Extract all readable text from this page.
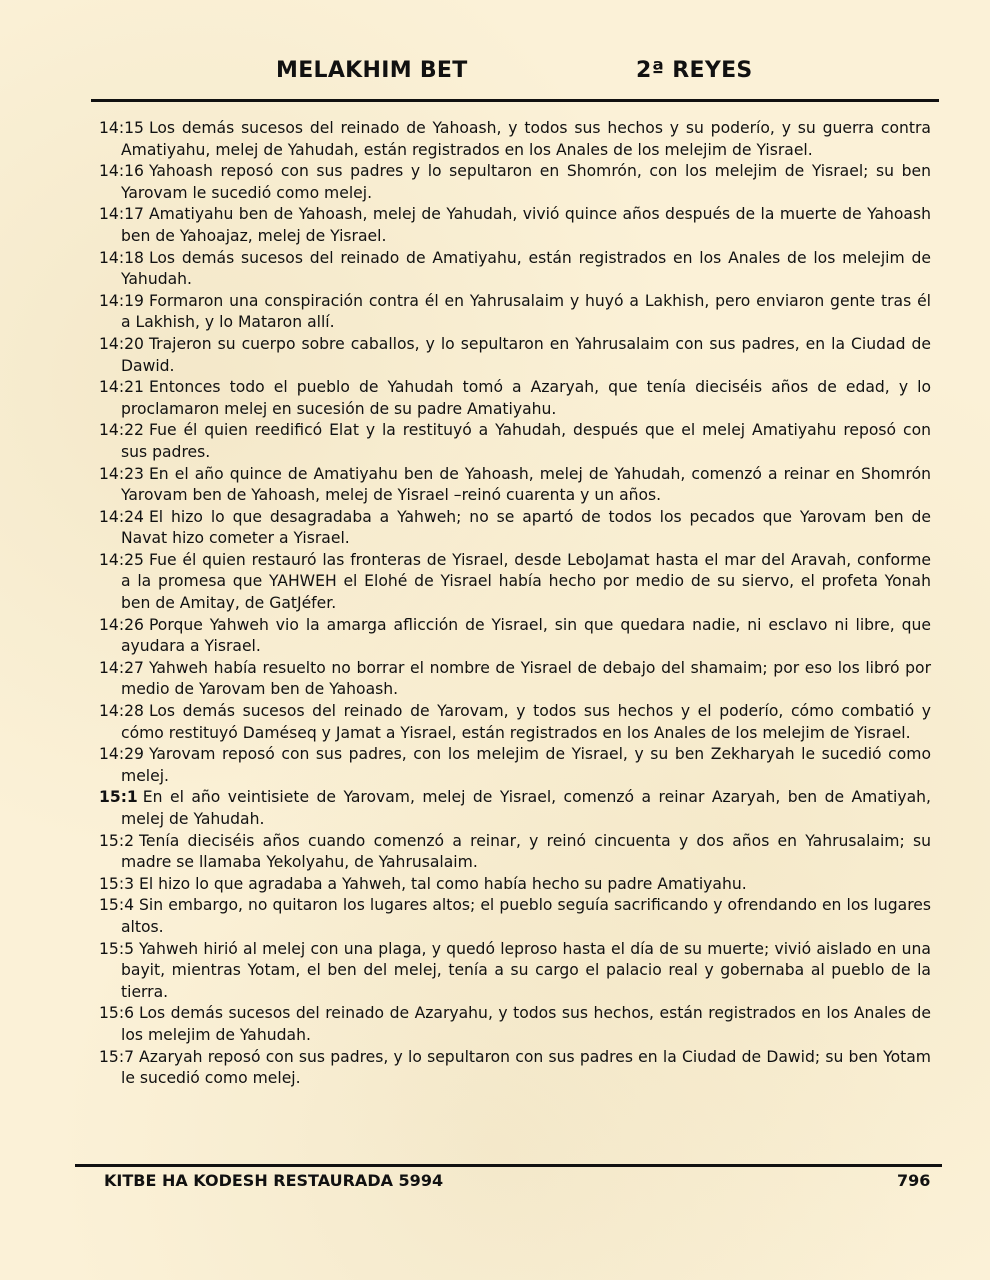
MELAKHIM BET	2ª REYES

14:15 Los demás sucesos del reinado de Yahoash, y todos sus hechos y su poderío, y su guerra contra Amatiyahu, melej de Yahudah, están registrados en los Anales de los melejim de Yisrael.

14:16 Yahoash reposó con sus padres y lo sepultaron en Shomrón, con los melejim de Yisrael; su ben Yarovam le sucedió como melej.

14:17 Amatiyahu ben de Yahoash, melej de Yahudah, vivió quince años después de la muerte de Yahoash ben de Yahoajaz, melej de Yisrael.

14:18 Los demás sucesos del reinado de Amatiyahu, están registrados en los Anales de los melejim de Yahudah.

14:19 Formaron una conspiración contra él en Yahrusalaim y huyó a Lakhish, pero enviaron gente tras él a Lakhish, y lo Mataron allí.

14:20 Trajeron su cuerpo sobre caballos, y lo sepultaron en Yahrusalaim con sus padres, en la Ciudad de Dawid.

14:21 Entonces todo el pueblo de Yahudah tomó a Azaryah, que tenía dieciséis años de edad, y lo proclamaron melej en sucesión de su padre Amatiyahu.

14:22 Fue él quien reedificó Elat y la restituyó a Yahudah, después que el melej Amatiyahu reposó con sus padres.

14:23 En el año quince de Amatiyahu ben de Yahoash, melej de Yahudah, comenzó a reinar en Shomrón Yarovam ben de Yahoash, melej de Yisrael –reinó cuarenta y un años.

14:24 El hizo lo que desagradaba a Yahweh; no se apartó de todos los pecados que Yarovam ben de Navat hizo cometer a Yisrael.

14:25 Fue él quien restauró las fronteras de Yisrael, desde LeboJamat hasta el mar del Aravah, conforme a la promesa que YAHWEH el Elohé de Yisrael había hecho por medio de su siervo, el profeta Yonah ben de Amitay, de GatJéfer.

14:26 Porque Yahweh vio la amarga aflicción de Yisrael, sin que quedara nadie, ni esclavo ni libre, que ayudara a Yisrael.

14:27 Yahweh había resuelto no borrar el nombre de Yisrael de debajo del shamaim; por eso los libró por medio de Yarovam ben de Yahoash.

14:28 Los demás sucesos del reinado de Yarovam, y todos sus hechos y el poderío, cómo combatió y cómo restituyó Daméseq y Jamat a Yisrael, están registrados en los Anales de los melejim de Yisrael.

14:29 Yarovam reposó con sus padres, con los melejim de Yisrael, y su ben Zekharyah le sucedió como melej.

15:1 En el año veintisiete de Yarovam, melej de Yisrael, comenzó a reinar Azaryah, ben de Amatiyah, melej de Yahudah.

15:2 Tenía dieciséis años cuando comenzó a reinar, y reinó cincuenta y dos años en Yahrusalaim; su madre se llamaba Yekolyahu, de Yahrusalaim.

15:3 El hizo lo que agradaba a Yahweh, tal como había hecho su padre Amatiyahu.

15:4 Sin embargo, no quitaron los lugares altos; el pueblo seguía sacrificando y ofrendando en los lugares altos.

15:5 Yahweh hirió al melej con una plaga, y quedó leproso hasta el día de su muerte; vivió aislado en una bayit, mientras Yotam, el ben del melej, tenía a su cargo el palacio real y gobernaba al pueblo de la tierra.

15:6 Los demás sucesos del reinado de Azaryahu, y todos sus hechos, están registrados en los Anales de los melejim de Yahudah.

15:7 Azaryah reposó con sus padres, y lo sepultaron con sus padres en la Ciudad de Dawid; su ben Yotam le sucedió como melej.

KITBE HA KODESH RESTAURADA 5994	796
